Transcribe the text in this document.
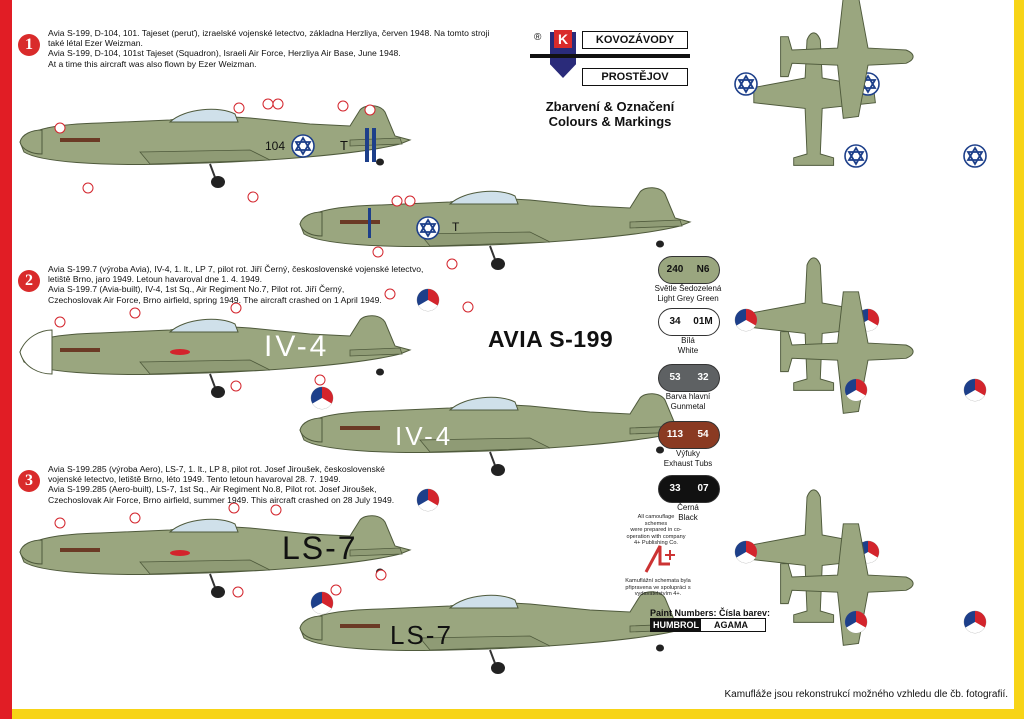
1
Avia S-199, D-104, 101. Tajeset (peruť), izraelské vojenské letectvo, základna Herzliya, červen 1948. Na tomto stroji
také létal Ezer Weizman.
Avia S-199, D-104, 101st Tajeset (Squadron), Israeli Air Force, Herzliya Air Base, June 1948.
At a time this aircraft was also flown by Ezer Weizman.
2
Avia S-199.7 (výroba Avia), IV-4, 1. lt., LP 7, pilot rot. Jiří Černý, československé vojenské letectvo,
letiště Brno, jaro 1949. Letoun havaroval dne 1. 4. 1949.
Avia S-199.7 (Avia-built), IV-4, 1st Sq., Air Regiment No.7, Pilot rot. Jiří Černý,
Czechoslovak Air Force, Brno airfield, spring 1949. The aircraft crashed on 1 April 1949.
3
Avia S-199.285 (výroba Aero), LS-7, 1. lt., LP 8, pilot rot. Josef Jiroušek, československé
vojenské letectvo, letiště Brno, léto 1949. Tento letoun havaroval 28. 7. 1949.
Avia S-199.285 (Aero-built), LS-7, 1st Sq., Air Regiment No.8, Pilot rot. Josef Jiroušek,
Czechoslovak Air Force, Brno airfield, summer 1949. This aircraft crashed on 28 July 1949.
104	T
T
IV-4
IV-4
LS-7
LS-7
K
®	KOVOZÁVODY
PROSTĚJOV
Zbarvení & Označení
Colours & Markings
AVIA S-199
240 N6
Světle Šedozelená
Light Grey Green
34 01M
Bílá
White
53 32
Barva hlavní
Gunmetal
113 54
Výfuky
Exhaust Tubs
33 07
Černá
Black
All camouflage schemes
were prepared in co-
operation with company
4+ Publishing Co.
Kamuflážní schemata byla
připravena ve spolupráci s
vydavatelstvím 4+.
Paint Numbers: Čísla barev:
HUMBROL AGAMA
Kamufláže jsou rekonstrukcí možného vzhledu dle čb. fotografií.
